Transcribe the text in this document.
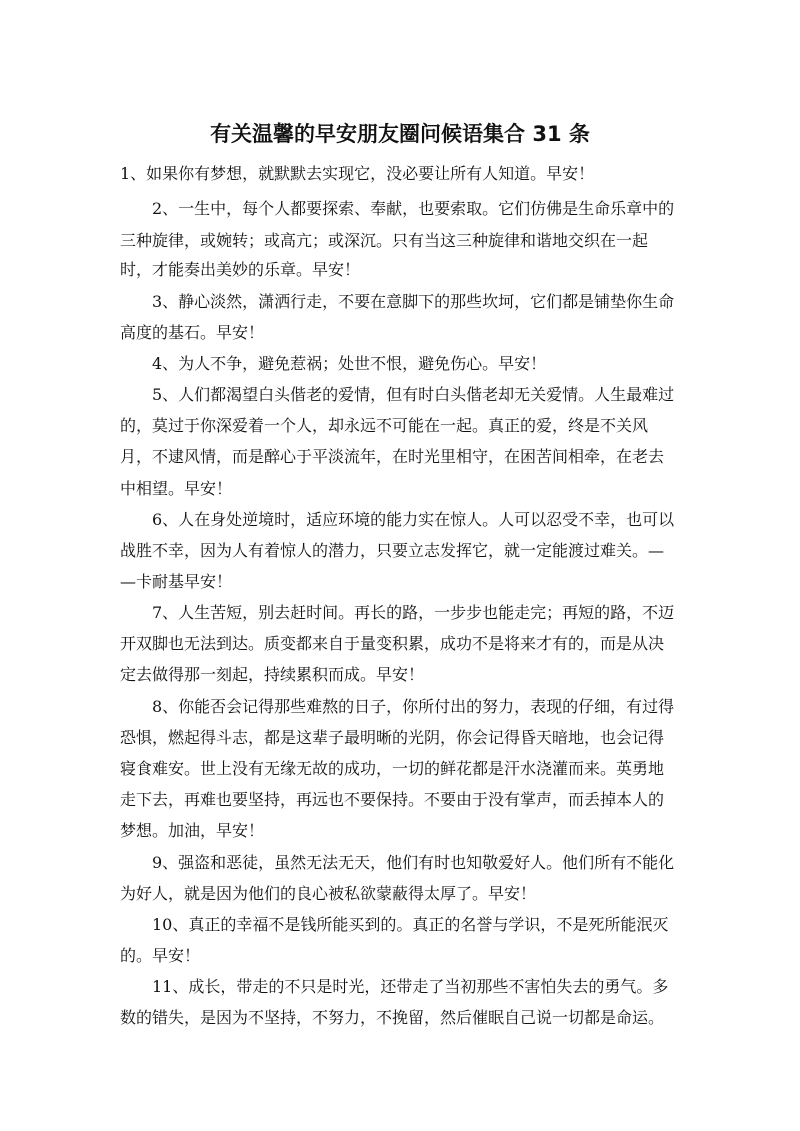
有关温馨的早安朋友圈问候语集合 31 条
1、如果你有梦想，就默默去实现它，没必要让所有人知道。早安！
2、一生中，每个人都要探索、奉献，也要索取。它们仿佛是生命乐章中的
三种旋律，或婉转；或高亢；或深沉。只有当这三种旋律和谐地交织在一起
时，才能奏出美妙的乐章。早安！
3、静心淡然，潇洒行走，不要在意脚下的那些坎坷，它们都是铺垫你生命
高度的基石。早安！
4、为人不争，避免惹祸；处世不恨，避免伤心。早安！
5、人们都渴望白头偕老的爱情，但有时白头偕老却无关爱情。人生最难过
的，莫过于你深爱着一个人，却永远不可能在一起。真正的爱，终是不关风
月，不逮风情，而是醉心于平淡流年，在时光里相守，在困苦间相牵，在老去
中相望。早安！
6、人在身处逆境时，适应环境的能力实在惊人。人可以忍受不幸，也可以
战胜不幸，因为人有着惊人的潜力，只要立志发挥它，就一定能渡过难关。—
—卡耐基早安！
7、人生苦短，别去赶时间。再长的路，一步步也能走完；再短的路，不迈
开双脚也无法到达。质变都来自于量变积累，成功不是将来才有的，而是从决
定去做得那一刻起，持续累积而成。早安！
8、你能否会记得那些难熬的日子，你所付出的努力，表现的仔细，有过得
恐惧，燃起得斗志，都是这辈子最明晰的光阴，你会记得昏天暗地，也会记得
寝食难安。世上没有无缘无故的成功，一切的鲜花都是汗水浇灌而来。英勇地
走下去，再难也要坚持，再远也不要保持。不要由于没有掌声，而丢掉本人的
梦想。加油，早安！
9、强盗和恶徒，虽然无法无天，他们有时也知敬爱好人。他们所有不能化
为好人，就是因为他们的良心被私欲蒙蔽得太厚了。早安！
10、真正的幸福不是钱所能买到的。真正的名誉与学识，不是死所能泯灭
的。早安！
11、成长，带走的不只是时光，还带走了当初那些不害怕失去的勇气。多
数的错失，是因为不坚持，不努力，不挽留，然后催眠自己说一切都是命运。
